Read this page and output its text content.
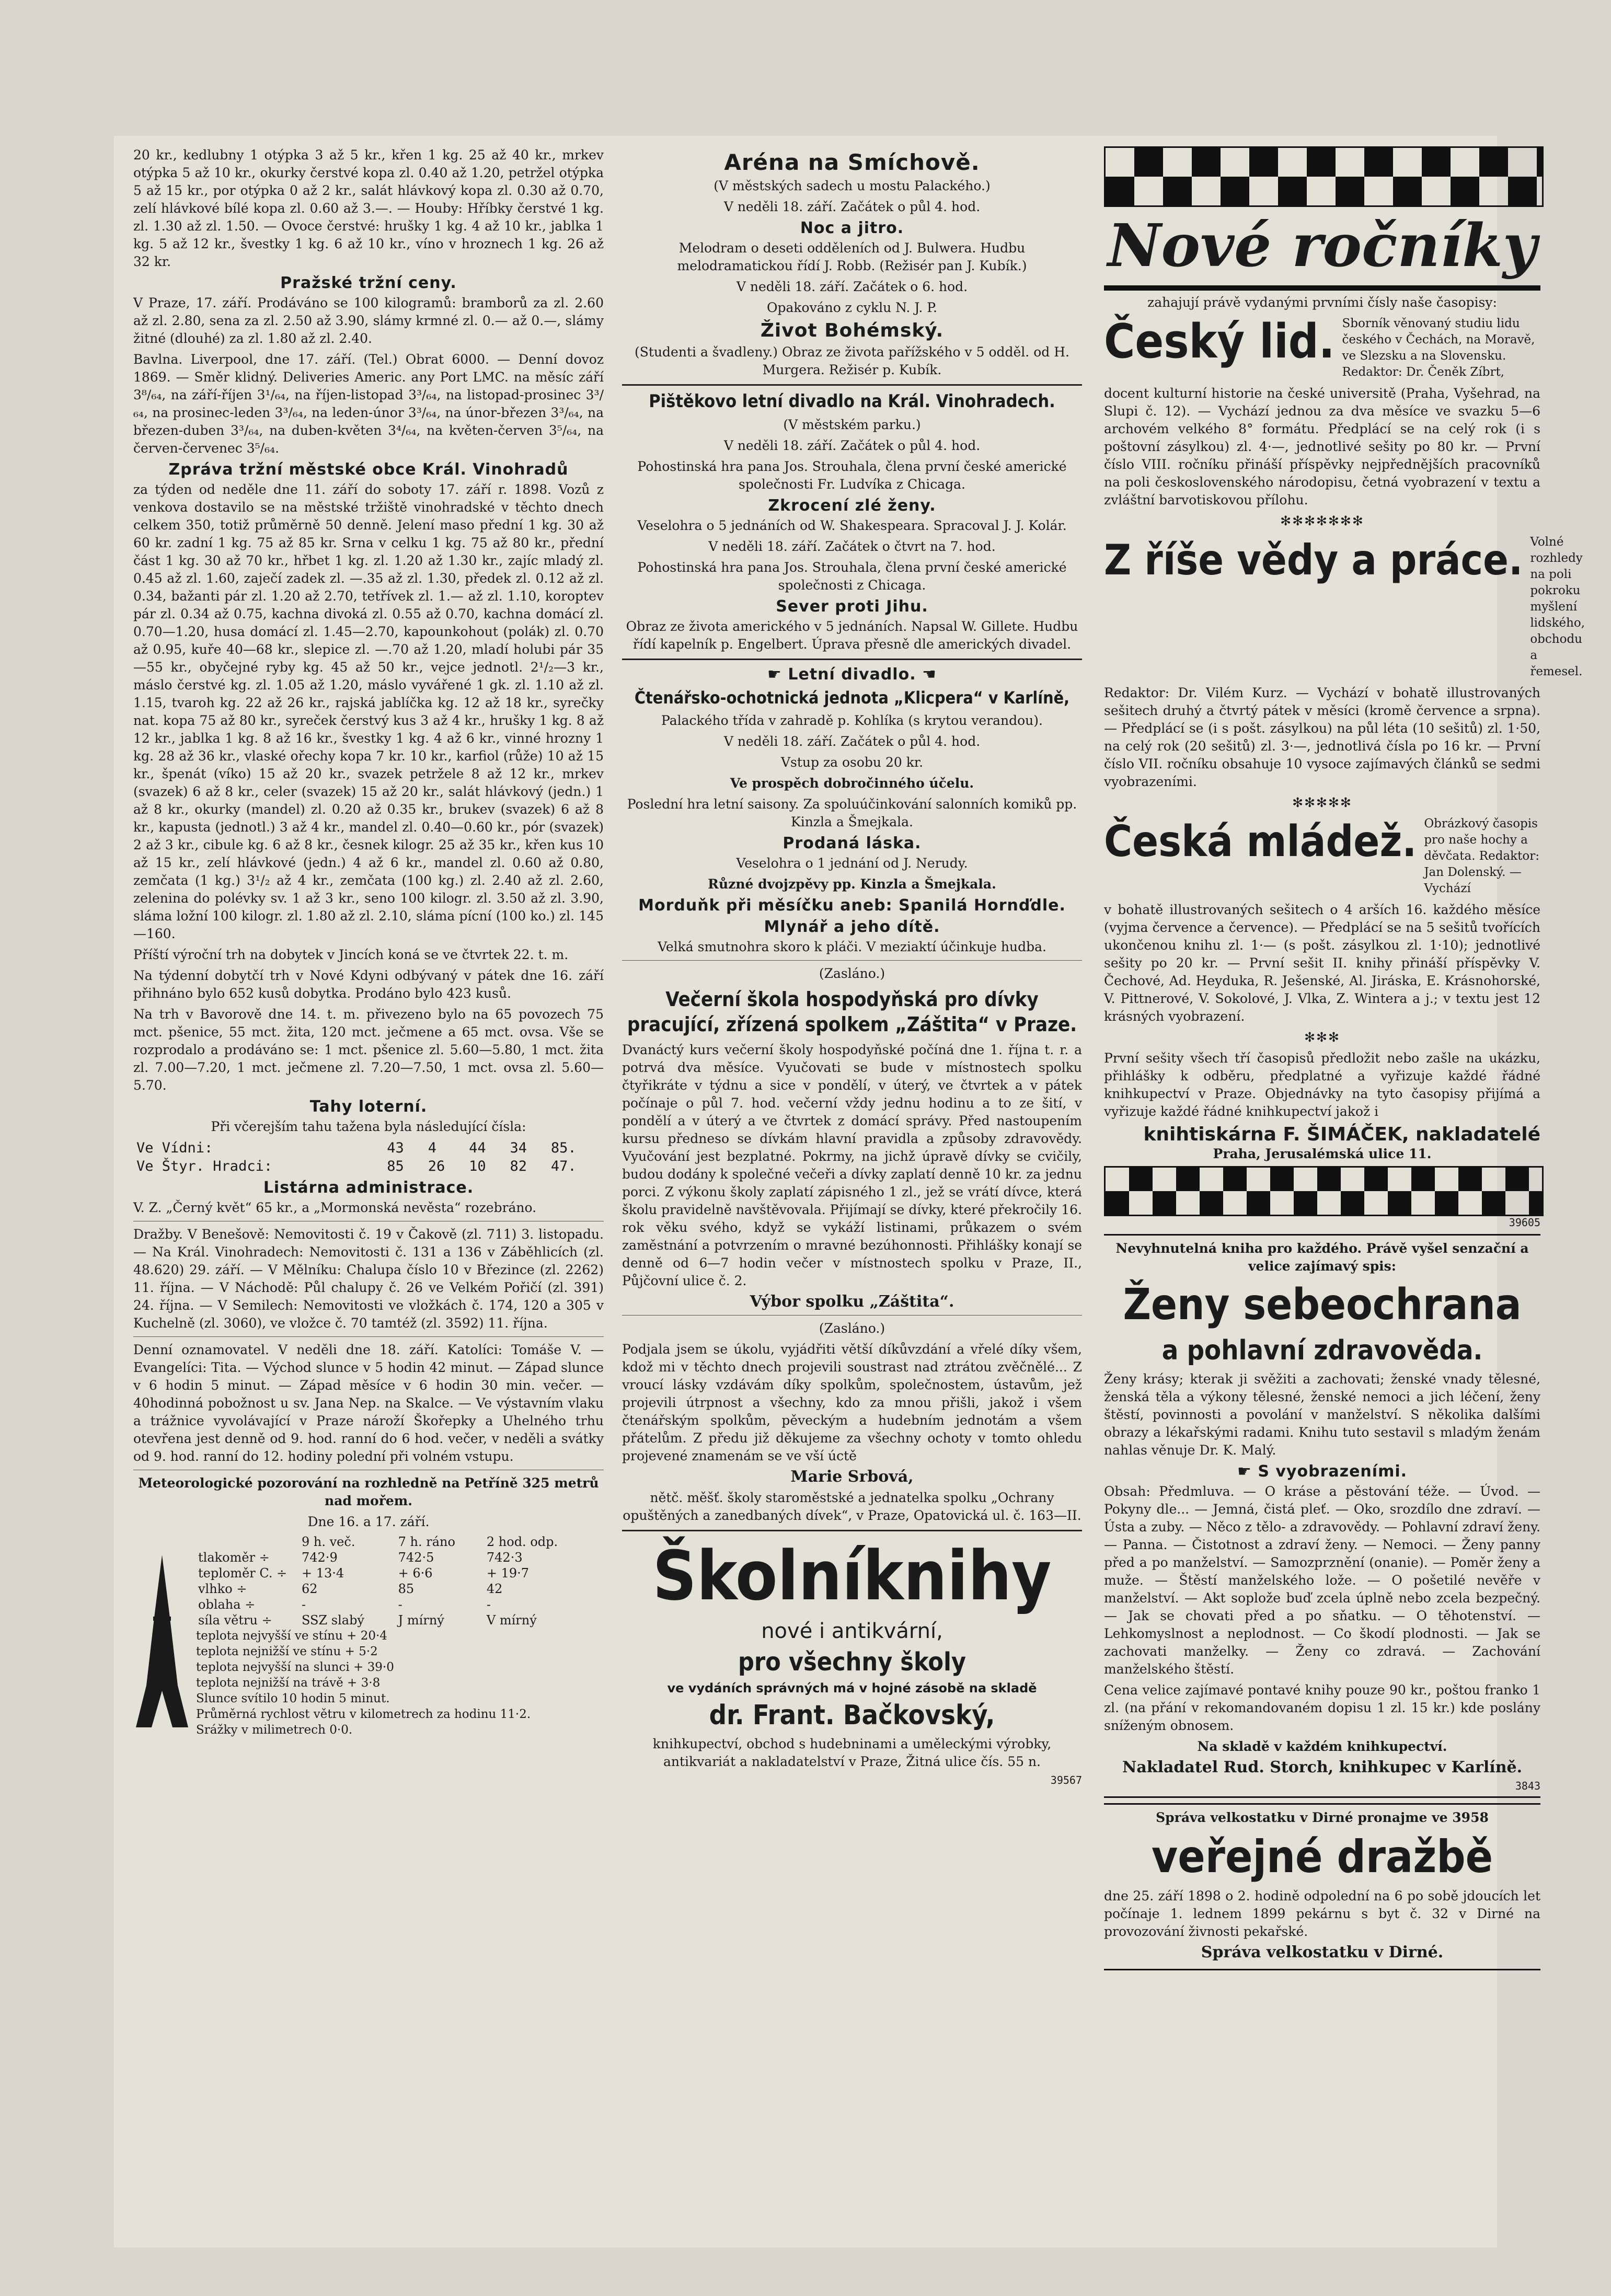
20 kr., kedlubny 1 otýpka 3 až 5 kr., křen 1 kg. 25 až 40 kr., mrkev otýpka 5 až 10 kr., okurky čerstvé kopa zl. 0.40 až 1.20, petržel otýpka 5 až 15 kr., por otýpka 0 až 2 kr., salát hlávkový kopa zl. 0.30 až 0.70, zelí hlávkové bílé kopa zl. 0.60 až 3.—. — Houby: Hříbky čerstvé 1 kg. zl. 1.30 až zl. 1.50. — Ovoce čerstvé: hrušky 1 kg. 4 až 10 kr., jablka 1 kg. 5 až 12 kr., švestky 1 kg. 6 až 10 kr., víno v hroznech 1 kg. 26 až 32 kr.

Pražské tržní ceny.

V Praze, 17. září. Prodáváno se 100 kilogramů: bramborů za zl. 2.60 až zl. 2.80, sena za zl. 2.50 až 3.90, slámy krmné zl. 0.— až 0.—, slámy žitné (dlouhé) za zl. 1.80 až zl. 2.40.

Bavlna. Liverpool, dne 17. září. (Tel.) Obrat 6000. — Denní dovoz 1869. — Směr klidný. Deliveries Americ. any Port LMC. na měsíc září 3⁸/₆₄, na září-říjen 3¹/₆₄, na říjen-listopad 3³/₆₄, na listopad-prosinec 3³/₆₄, na prosinec-leden 3³/₆₄, na leden-únor 3³/₆₄, na únor-březen 3³/₆₄, na březen-duben 3³/₆₄, na duben-květen 3⁴/₆₄, na květen-červen 3⁵/₆₄, na červen-červenec 3⁵/₆₄.

Zpráva tržní městské obce Král. Vinohradů

za týden od neděle dne 11. září do soboty 17. září r. 1898. Vozů z venkova dostavilo se na městské tržiště vinohradské v těchto dnech celkem 350, totiž průměrně 50 denně. Jelení maso přední 1 kg. 30 až 60 kr. zadní 1 kg. 75 až 85 kr. Srna v celku 1 kg. 75 až 80 kr., přední část 1 kg. 30 až 70 kr., hřbet 1 kg. zl. 1.20 až 1.30 kr., zajíc mladý zl. 0.45 až zl. 1.60, zaječí zadek zl. —.35 až zl. 1.30, předek zl. 0.12 až zl. 0.34, bažanti pár zl. 1.20 až 2.70, tetřívek zl. 1.— až zl. 1.10, koroptev pár zl. 0.34 až 0.75, kachna divoká zl. 0.55 až 0.70, kachna domácí zl. 0.70—1.20, husa domácí zl. 1.45—2.70, kapounkohout (polák) zl. 0.70 až 0.95, kuře 40—68 kr., slepice zl. —.70 až 1.20, mladí holubi pár 35—55 kr., obyčejné ryby kg. 45 až 50 kr., vejce jednotl. 2¹/₂—3 kr., máslo čerstvé kg. zl. 1.05 až 1.20, máslo vyvářené 1 gk. zl. 1.10 až zl. 1.15, tvaroh kg. 22 až 26 kr., rajská jablíčka kg. 12 až 18 kr., syrečky nat. kopa 75 až 80 kr., syreček čerstvý kus 3 až 4 kr., hrušky 1 kg. 8 až 12 kr., jablka 1 kg. 8 až 16 kr., švestky 1 kg. 4 až 6 kr., vinné hrozny 1 kg. 28 až 36 kr., vlaské ořechy kopa 7 kr. 10 kr., karfiol (růže) 10 až 15 kr., špenát (víko) 15 až 20 kr., svazek petržele 8 až 12 kr., mrkev (svazek) 6 až 8 kr., celer (svazek) 15 až 20 kr., salát hlávkový (jedn.) 1 až 8 kr., okurky (mandel) zl. 0.20 až 0.35 kr., brukev (svazek) 6 až 8 kr., kapusta (jednotl.) 3 až 4 kr., mandel zl. 0.40—0.60 kr., pór (svazek) 2 až 3 kr., cibule kg. 6 až 8 kr., česnek kilogr. 25 až 35 kr., křen kus 10 až 15 kr., zelí hlávkové (jedn.) 4 až 6 kr., mandel zl. 0.60 až 0.80, zemčata (1 kg.) 3¹/₂ až 4 kr., zemčata (100 kg.) zl. 2.40 až zl. 2.60, zelenina do polévky sv. 1 až 3 kr., seno 100 kilogr. zl. 3.50 až zl. 3.90, sláma ložní 100 kilogr. zl. 1.80 až zl. 2.10, sláma pícní (100 ko.) zl. 145—160.

Příští výroční trh na dobytek v Jincích koná se ve čtvrtek 22. t. m.

Na týdenní dobytčí trh v Nové Kdyni odbývaný v pátek dne 16. září přihnáno bylo 652 kusů dobytka. Prodáno bylo 423 kusů.

Na trh v Bavorově dne 14. t. m. přivezeno bylo na 65 povozech 75 mct. pšenice, 55 mct. žita, 120 mct. ječmene a 65 mct. ovsa. Vše se rozprodalo a prodáváno se: 1 mct. pšenice zl. 5.60—5.80, 1 mct. žita zl. 7.00—7.20, 1 mct. ječmene zl. 7.20—7.50, 1 mct. ovsa zl. 5.60—5.70.

Tahy loterní.

Při včerejším tahu tažena byla následující čísla:

Ve Vídni:	43	4	44	34	85.
Ve Štyr. Hradci:	85	26	10	82	47.
Listárna administrace.

V. Z. „Černý květ“ 65 kr., a „Mormonská nevěsta“ rozebráno.

Dražby. V Benešově: Nemovitosti č. 19 v Čakově (zl. 711) 3. listopadu. — Na Král. Vinohradech: Nemovitosti č. 131 a 136 v Záběhlicích (zl. 48.620) 29. září. — V Mělníku: Chalupa číslo 10 v Březince (zl. 2262) 11. října. — V Náchodě: Půl chalupy č. 26 ve Velkém Pořičí (zl. 391) 24. října. — V Semilech: Nemovitosti ve vložkách č. 174, 120 a 305 v Kuchelně (zl. 3060), ve vložce č. 70 tamtéž (zl. 3592) 11. října.

Denní oznamovatel. V neděli dne 18. září. Katolíci: Tomáše V. — Evangelíci: Tita. — Východ slunce v 5 hodin 42 minut. — Západ slunce v 6 hodin 5 minut. — Západ měsíce v 6 hodin 30 min. večer. — 40hodinná pobožnost u sv. Jana Nep. na Skalce. — Ve výstavním vlaku a trážnice vyvolávající v Praze nároží Škořepky a Uhelného trhu otevřena jest denně od 9. hod. ranní do 6 hod. večer, v neděli a svátky od 9. hod. ranní do 12. hodiny polední při volném vstupu.

Meteorologické pozorování na rozhledně na Petříně 325 metrů nad mořem.

Dne 16. a 17. září.

	9 h. več.	7 h. ráno	2 hod. odp.
tlakoměr ÷	742·9	742·5	742·3
teploměr C. ÷	+ 13·4	+ 6·6	+ 19·7
vlhko ÷	62	85	42
oblaha ÷	-	-	-
síla větru ÷	SSZ slabý	J mírný	V mírný
teplota nejvyšší ve stínu + 20·4
teplota nejnižší ve stínu + 5·2
teplota nejvyšší na slunci + 39·0
teplota nejnižší na trávě + 3·8
Slunce svítilo 10 hodin 5 minut.
Průměrná rychlost větru v kilometrech za hodinu 11·2.
Srážky v milimetrech 0·0.
Aréna na Smíchově.

(V městských sadech u mostu Palackého.)

V neděli 18. září. Začátek o půl 4. hod.

Noc a jitro.

Melodram o deseti odděleních od J. Bulwera. Hudbu melodramatickou řídí J. Robb. (Režisér pan J. Kubík.)

V neděli 18. září. Začátek o 6. hod.

Opakováno z cyklu N. J. P.

Život Bohémský.

(Studenti a švadleny.) Obraz ze života pařížského v 5 odděl. od H. Murgera. Režisér p. Kubík.

Pištěkovo letní divadlo na Král. Vinohradech.

(V městském parku.)

V neděli 18. září. Začátek o půl 4. hod.

Pohostinská hra pana Jos. Strouhala, člena první české americké společnosti Fr. Ludvíka z Chicaga.

Zkrocení zlé ženy.

Veselohra o 5 jednáních od W. Shakespeara. Spracoval J. J. Kolár.

V neděli 18. září. Začátek o čtvrt na 7. hod.

Pohostinská hra pana Jos. Strouhala, člena první české americké společnosti z Chicaga.

Sever proti Jihu.

Obraz ze života amerického v 5 jednáních. Napsal W. Gillete. Hudbu řídí kapelník p. Engelbert. Úprava přesně dle amerických divadel.

☛ Letní divadlo. ☚
Čtenářsko-ochotnická jednota „Klicpera“ v Karlíně,

Palackého třída v zahradě p. Kohlíka (s krytou verandou).

V neděli 18. září. Začátek o půl 4. hod.

Vstup za osobu 20 kr.

Ve prospěch dobročinného účelu.

Poslední hra letní saisony. Za spoluúčinkování salonních komiků pp. Kinzla a Šmejkala.

Prodaná láska.

Veselohra o 1 jednání od J. Nerudy.

Různé dvojzpěvy pp. Kinzla a Šmejkala.

Morduňk při měsíčku aneb: Spanilá Hornďdle.
Mlynář a jeho dítě.

Velká smutnohra skoro k pláči. V meziaktí účinkuje hudba.

(Zasláno.)

Večerní škola hospodyňská pro dívky pracující, zřízená spolkem „Záštita“ v Praze.

Dvanáctý kurs večerní školy hospodyňské počíná dne 1. října t. r. a potrvá dva měsíce. Vyučovati se bude v místnostech spolku čtyřikráte v týdnu a sice v pondělí, v úterý, ve čtvrtek a v pátek počínaje o půl 7. hod. večerní vždy jednu hodinu a to ze šití, v pondělí a v úterý a ve čtvrtek z domácí správy. Před nastoupením kursu předneso se dívkám hlavní pravidla a způsoby zdravovědy. Vyučování jest bezplatné. Pokrmy, na jichž úpravě dívky se cvičily, budou dodány k společné večeři a dívky zaplatí denně 10 kr. za jednu porci. Z výkonu školy zaplatí zápisného 1 zl., jež se vrátí dívce, která školu pravidelně navštěvovala. Přijímají se dívky, které překročily 16. rok věku svého, když se vykáží listinami, průkazem o svém zaměstnání a potvrzením o mravné bezúhonnosti. Přihlášky konají se denně od 6—7 hodin večer v místnostech spolku v Praze, II., Půjčovní ulice č. 2.

Výbor spolku „Záštita“.

(Zasláno.)

Podjala jsem se úkolu, vyjádřiti větší díkůvzdání a vřelé díky všem, kdož mi v těchto dnech projevili soustrast nad ztrátou zvěčnělé... Z vroucí lásky vzdávám díky spolkům, společnostem, ústavům, jež projevili útrpnost a všechny, kdo za mnou přišli, jakož i všem čtenářským spolkům, pěveckým a hudebním jednotám a všem přátelům. Z předu již děkujeme za všechny ochoty v tomto ohledu projevené znamenám se ve vší úctě

Marie Srbová,

nětč. měšť. školy staroměstské a jednatelka spolku „Ochrany opuštěných a zanedbaných dívek“, v Praze, Opatovická ul. č. 163—II.

Školníknihy
nové i antikvární,
pro všechny školy
ve vydáních správných má v hojné zásobě na skladě
dr. Frant. Bačkovský,

knihkupectví, obchod s hudebninami a uměleckými výrobky, antikvariát a nakladatelství v Praze, Žitná ulice čís. 55 n.

39567
Nové ročníky

zahajují právě vydanými prvními čísly naše časopisy:

Český lid. Sborník věnovaný studiu lidu českého v Čechách, na Moravě, ve Slezsku a na Slovensku. Redaktor: Dr. Čeněk Zíbrt,

docent kulturní historie na české universitě (Praha, Vyšehrad, na Slupi č. 12). — Vychází jednou za dva měsíce ve svazku 5—6 archovém velkého 8° formátu. Předplácí se na celý rok (i s poštovní zásylkou) zl. 4·—, jednotlivé sešity po 80 kr. — První číslo VIII. ročníku přináší příspěvky nejpřednějších pracovníků na poli československého národopisu, četná vyobrazení v textu a zvláštní barvotiskovou přílohu.

✻✻✻✻✻✻✻

Z říše vědy a práce. Volné rozhledy na poli pokroku myšlení lidského, obchodu a řemesel.

Redaktor: Dr. Vilém Kurz. — Vychází v bohatě illustrovaných sešitech druhý a čtvrtý pátek v měsíci (kromě července a srpna). — Předplácí se (i s pošt. zásylkou) na půl léta (10 sešitů) zl. 1·50, na celý rok (20 sešitů) zl. 3·—, jednotlivá čísla po 16 kr. — První číslo VII. ročníku obsahuje 10 vysoce zajímavých článků se sedmi vyobrazeními.

✻✻✻✻✻

Česká mládež. Obrázkový časopis pro naše hochy a děvčata. Redaktor: Jan Dolenský. — Vychází

v bohatě illustrovaných sešitech o 4 arších 16. každého měsíce (vyjma července a července). — Předplácí se na 5 sešitů tvořících ukončenou knihu zl. 1·— (s pošt. zásylkou zl. 1·10); jednotlivé sešity po 20 kr. — První sešit II. knihy přináší příspěvky V. Čechové, Ad. Heyduka, R. Ješenské, Al. Jiráska, E. Krásnohorské, V. Pittnerové, V. Sokolové, J. Vlka, Z. Wintera a j.; v textu jest 12 krásných vyobrazení.

✻✻✻

První sešity všech tří časopisů předložit nebo zašle na ukázku, přihlášky k odběru, předplatné a vyřizuje každé řádné knihkupectví v Praze. Objednávky na tyto časopisy přijímá a vyřizuje každé řádné knihkupectví jakož i

knihtiskárna F. ŠIMÁČEK, nakladatelé

Praha, Jerusalémská ulice 11.

39605

Nevyhnutelná kniha pro každého. Právě vyšel senzační a velice zajímavý spis:

Ženy sebeochrana
a pohlavní zdravověda.

Ženy krásy; kterak ji svěžiti a zachovati; ženské vnady tělesné, ženská těla a výkony tělesné, ženské nemoci a jich léčení, ženy štěstí, povinnosti a povolání v manželství. S několika dalšími obrazy a lékařskými radami. Knihu tuto sestavil s mladým ženám nahlas věnuje Dr. K. Malý.

☛ S vyobrazeními.

Obsah: Předmluva. — O kráse a pěstování téže. — Úvod. — Pokyny dle... — Jemná, čistá pleť. — Oko, srozdílo dne zdraví. — Ústa a zuby. — Něco z tělo- a zdravovědy. — Pohlavní zdraví ženy. — Panna. — Čistotnost a zdraví ženy. — Nemoci. — Ženy panny před a po manželství. — Samozprznění (onanie). — Poměr ženy a muže. — Štěstí manželského lože. — O pošetilé nevěře v manželství. — Akt soplože buď zcela úplně nebo zcela bezpečný. — Jak se chovati před a po sňatku. — O těhotenství. — Lehkomyslnost a neplodnost. — Co škodí plodnosti. — Jak se zachovati manželky. — Ženy co zdravá. — Zachování manželského štěstí.

Cena velice zajímavé pontavé knihy pouze 90 kr., poštou franko 1 zl. (na přání v rekomandovaném dopisu 1 zl. 15 kr.) kde poslány sníženým obnosem.

Na skladě v každém knihkupectví.

Nakladatel Rud. Storch, knihkupec v Karlíně.

3843

Správa velkostatku v Dirné pronajme ve 3958

veřejné dražbě

dne 25. září 1898 o 2. hodině odpolední na 6 po sobě jdoucích let počínaje 1. lednem 1899 pekárnu s byt č. 32 v Dirné na provozování živnosti pekařské.

Správa velkostatku v Dirné.
